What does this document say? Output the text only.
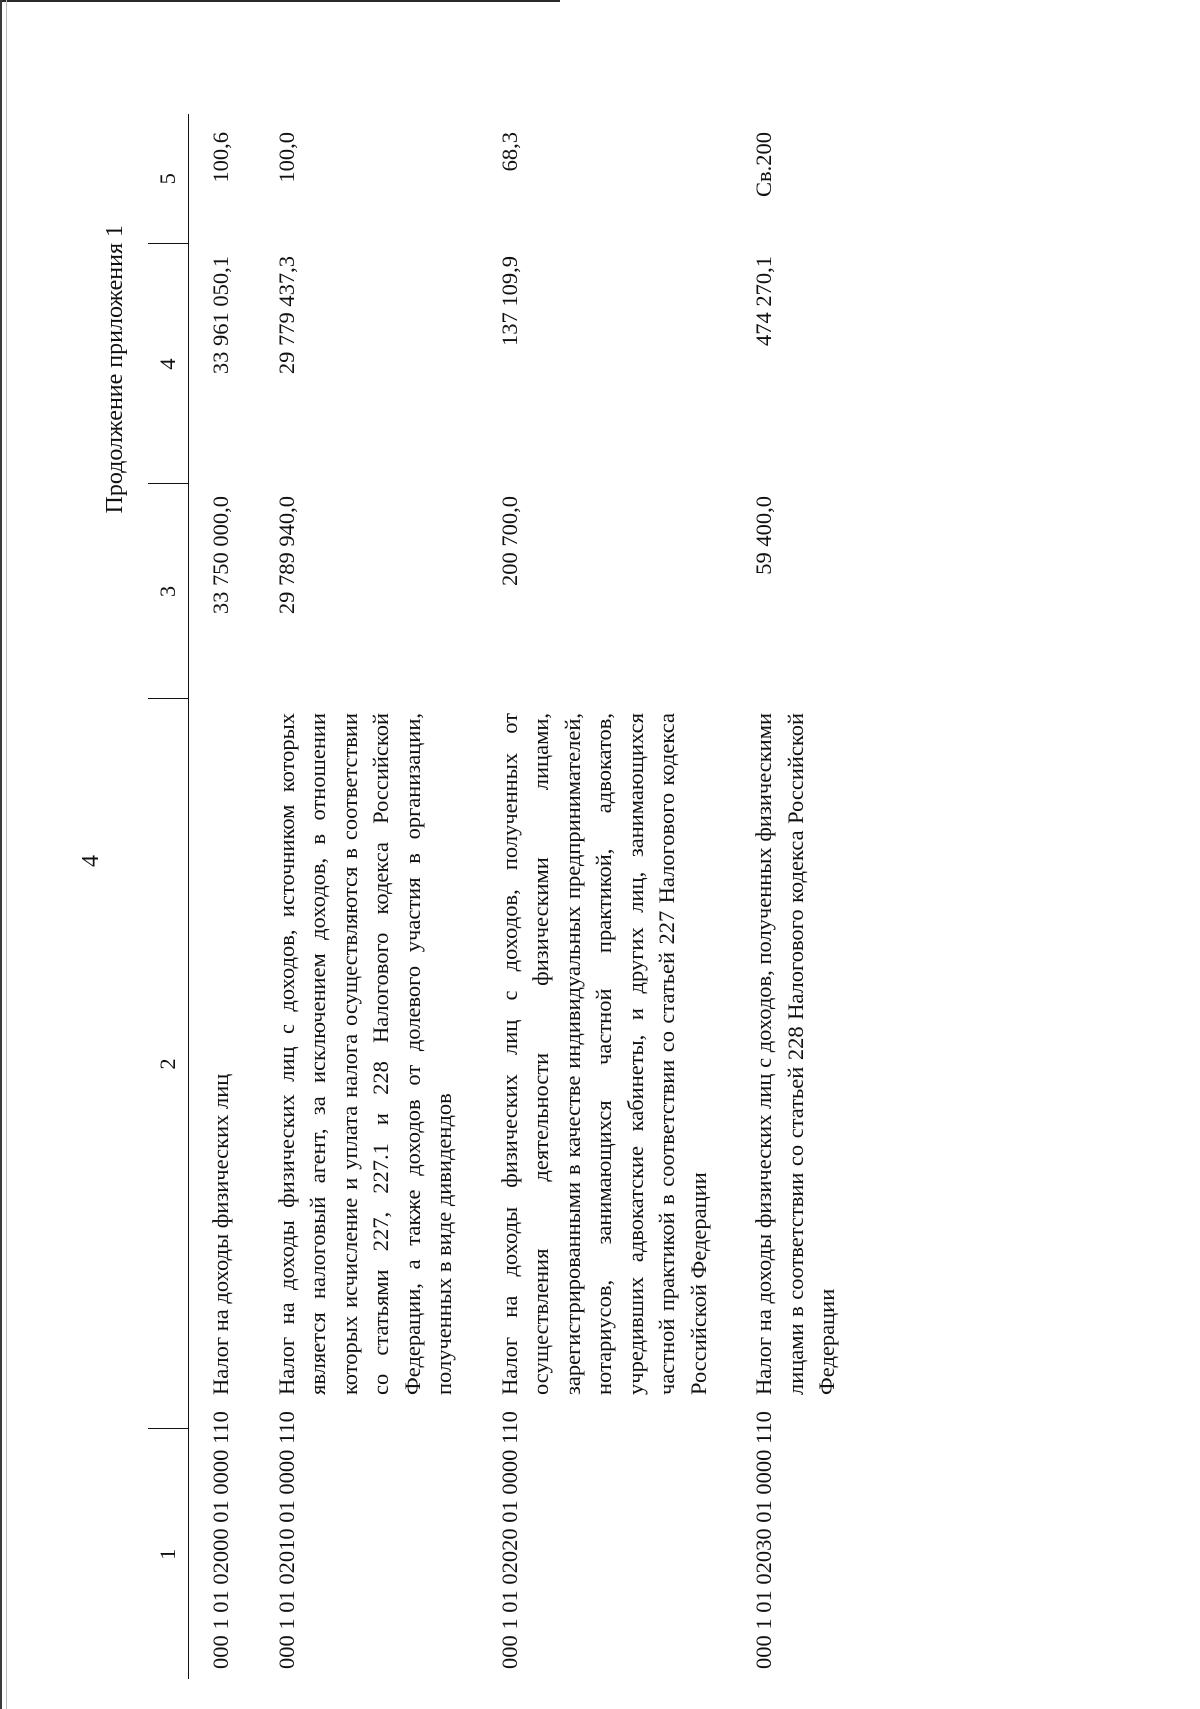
4
Продолжение приложения 1
1	2	3	4	5
000 1 01 02000 01 0000 110	Налог на доходы физических лиц	33 750 000,0	33 961 050,1	100,6
000 1 01 02010 01 0000 110	Налог на доходы физических лиц с доходов, источником которых является налоговый агент, за исключением доходов, в отношении которых исчисление и уплата налога осуществляются в соответствии со статьями 227, 227.1 и 228 Налогового кодекса Российской Федерации, а также доходов от долевого участия в организации, полученных в виде дивидендов	29 789 940,0	29 779 437,3	100,0
000 1 01 02020 01 0000 110	Налог на доходы физических лиц с доходов, полученных от осуществления деятельности физическими лицами, зарегистрированными в качестве индивидуальных предпринимателей, нотариусов, занимающихся частной практикой, адвокатов, учредивших адвокатские кабинеты, и других лиц, занимающихся частной практикой в соответствии со статьей 227 Налогового кодекса Российской Федерации	200 700,0	137 109,9	68,3
000 1 01 02030 01 0000 110	Налог на доходы физических лиц с доходов, полученных физическими лицами в соответствии со статьей 228 Налогового кодекса Российской Федерации	59 400,0	474 270,1	Св.200
